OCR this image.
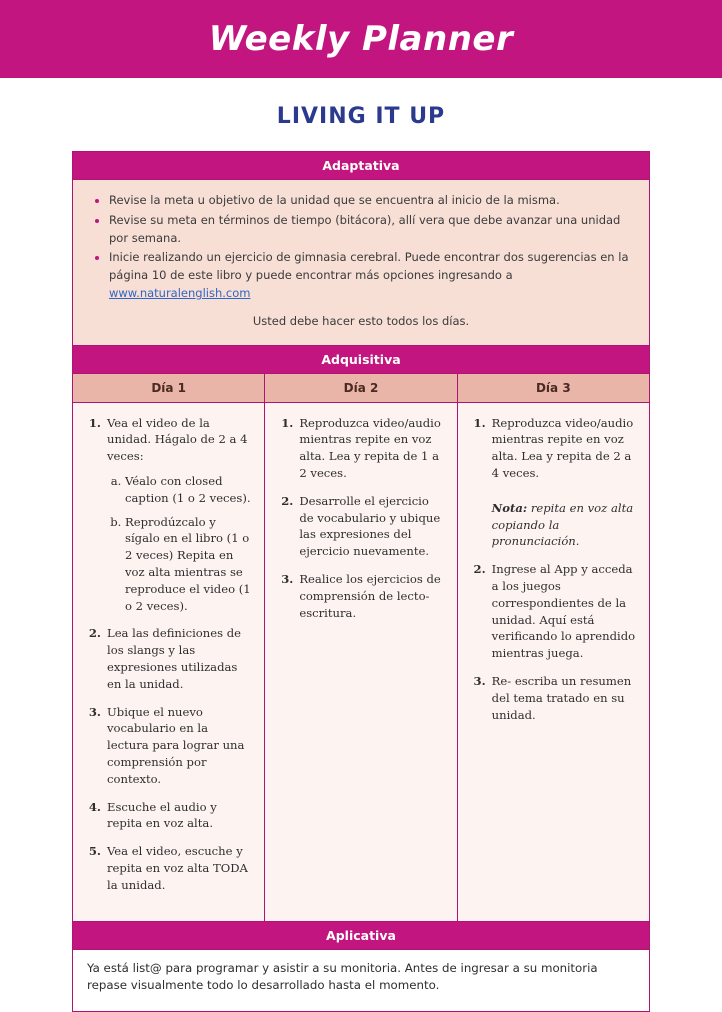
Weekly Planner
LIVING IT UP
Adaptativa		

• Revise la meta u objetivo de la unidad que se encuentra al inicio de la misma.
• Revise su meta en términos de tiempo (bitácora), allí vera que debe avanzar una unidad por semana.
• Inicie realizando un ejercicio de gimnasia cerebral. Puede encontrar dos sugerencias en la página 10 de este libro y puede encontrar más opciones ingresando a www.naturalenglish.com
Usted debe hacer esto todos los días.

Adquisitiva		
Día 1	Día 2	Día 3

1. Vea el video de la unidad. Hágalo de 2 a 4 veces:
a. Véalo con closed caption (1 o 2 veces).
b. Reprodúzcalo y sígalo en el libro (1 o 2 veces) Repita en voz alta mientras se reproduce el video (1 o 2 veces).
2. Lea las definiciones de los slangs y las expresiones utilizadas en la unidad.
3. Ubique el nuevo vocabulario en la lectura para lograr una comprensión por contexto.
4. Escuche el audio y repita en voz alta.
5. Vea el video, escuche y repita en voz alta TODA la unidad.

1. Reproduzca video/audio mientras repite en voz alta. Lea y repita de 1 a 2 veces.
2. Desarrolle el ejercicio de vocabulario y ubique las expresiones del ejercicio nuevamente.
3. Realice los ejercicios de comprensión de lecto- escritura.

1. Reproduzca video/audio mientras repite en voz alta. Lea y repita de 2 a 4 veces.
Nota: repita en voz alta copiando la pronunciación.
2. Ingrese al App y acceda a los juegos correspondientes de la unidad. Aquí está verificando lo aprendido mientras juega.
3. Re- escriba un resumen del tema tratado en su unidad.

Aplicativa		
Ya está list@ para programar y asistir a su monitoria. Antes de ingresar a su monitoria repase visualmente todo lo desarrollado hasta el momento.		
